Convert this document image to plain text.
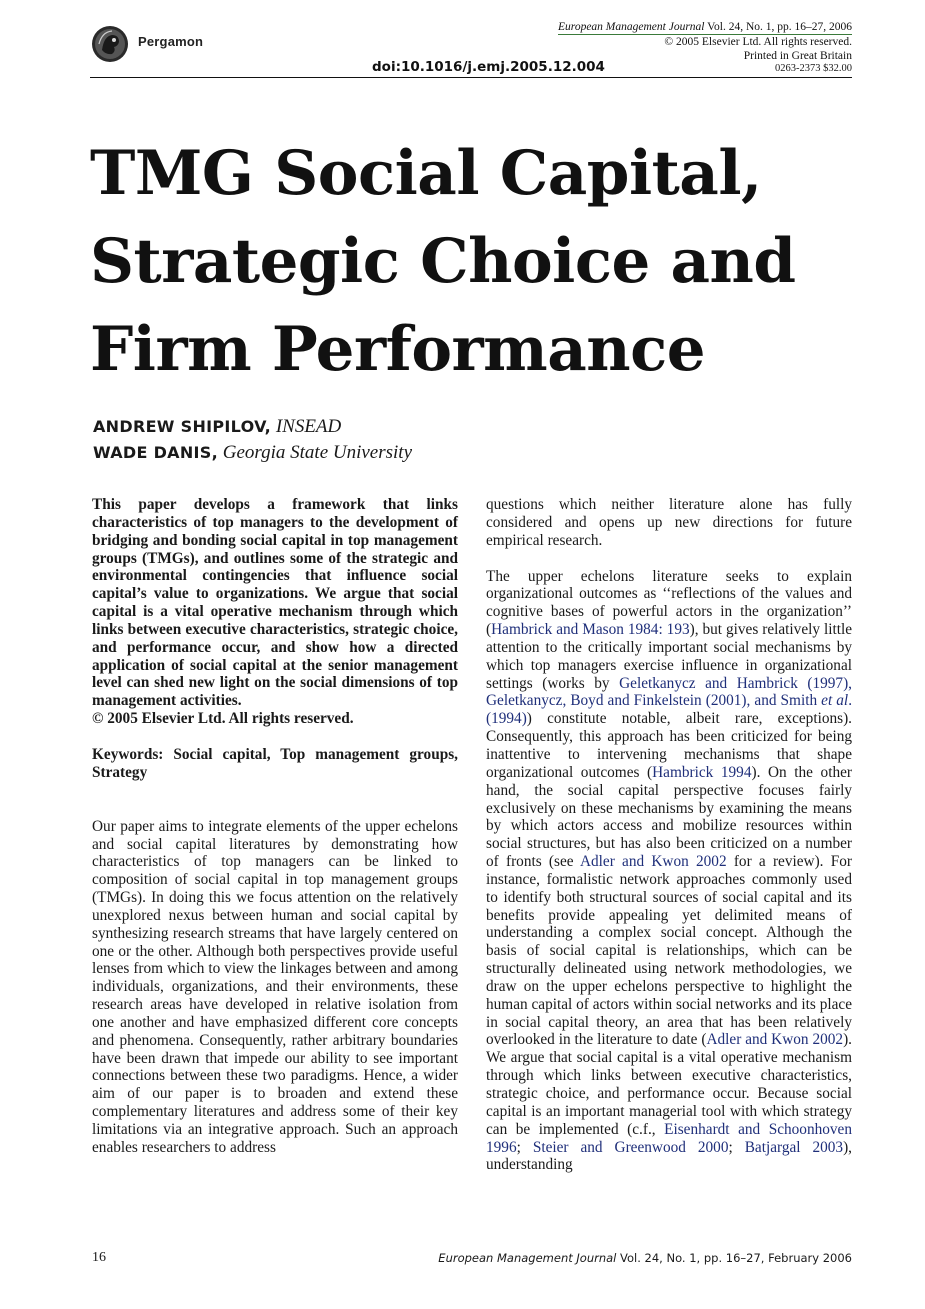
Pergamon
European Management Journal Vol. 24, No. 1, pp. 16–27, 2006
© 2005 Elsevier Ltd. All rights reserved.
Printed in Great Britain
0263-2373 $32.00
doi:10.1016/j.emj.2005.12.004
TMG Social Capital,
Strategic Choice and
Firm Performance
ANDREW SHIPILOV, INSEAD
WADE DANIS, Georgia State University

This paper develops a framework that links characteristics of top managers to the development of bridging and bonding social capital in top management groups (TMGs), and outlines some of the strategic and environmental contingencies that influence social capital’s value to organizations. We argue that social capital is a vital operative mechanism through which links between executive characteristics, strategic choice, and performance occur, and show how a directed application of social capital at the senior management level can shed new light on the social dimensions of top management activities.

© 2005 Elsevier Ltd. All rights reserved.

Keywords: Social capital, Top management groups, Strategy

Our paper aims to integrate elements of the upper echelons and social capital literatures by demonstrating how characteristics of top managers can be linked to composition of social capital in top management groups (TMGs). In doing this we focus attention on the relatively unexplored nexus between human and social capital by synthesizing research streams that have largely centered on one or the other. Although both perspectives provide useful lenses from which to view the linkages between and among individuals, organizations, and their environments, these research areas have developed in relative isolation from one another and have emphasized different core concepts and phenomena. Consequently, rather arbitrary boundaries have been drawn that impede our ability to see important connections between these two paradigms. Hence, a wider aim of our paper is to broaden and extend these complementary literatures and address some of their key limitations via an integrative approach. Such an approach enables researchers to address

questions which neither literature alone has fully considered and opens up new directions for future empirical research.

The upper echelons literature seeks to explain organizational outcomes as ‘‘reflections of the values and cognitive bases of powerful actors in the organization’’ (Hambrick and Mason 1984: 193), but gives relatively little attention to the critically important social mechanisms by which top managers exercise influence in organizational settings (works by Geletkanycz and Hambrick (1997), Geletkanycz, Boyd and Finkelstein (2001), and Smith et al. (1994)) constitute notable, albeit rare, exceptions). Consequently, this approach has been criticized for being inattentive to intervening mechanisms that shape organizational outcomes (Hambrick 1994). On the other hand, the social capital perspective focuses fairly exclusively on these mechanisms by examining the means by which actors access and mobilize resources within social structures, but has also been criticized on a number of fronts (see Adler and Kwon 2002 for a review). For instance, formalistic network approaches commonly used to identify both structural sources of social capital and its benefits provide appealing yet delimited means of understanding a complex social concept. Although the basis of social capital is relationships, which can be structurally delineated using network methodologies, we draw on the upper echelons perspective to highlight the human capital of actors within social networks and its place in social capital theory, an area that has been relatively overlooked in the literature to date (Adler and Kwon 2002). We argue that social capital is a vital operative mechanism through which links between executive characteristics, strategic choice, and performance occur. Because social capital is an important managerial tool with which strategy can be implemented (c.f., Eisenhardt and Schoonhoven 1996; Steier and Greenwood 2000; Batjargal 2003), understanding

16	European Management Journal Vol. 24, No. 1, pp. 16–27, February 2006
